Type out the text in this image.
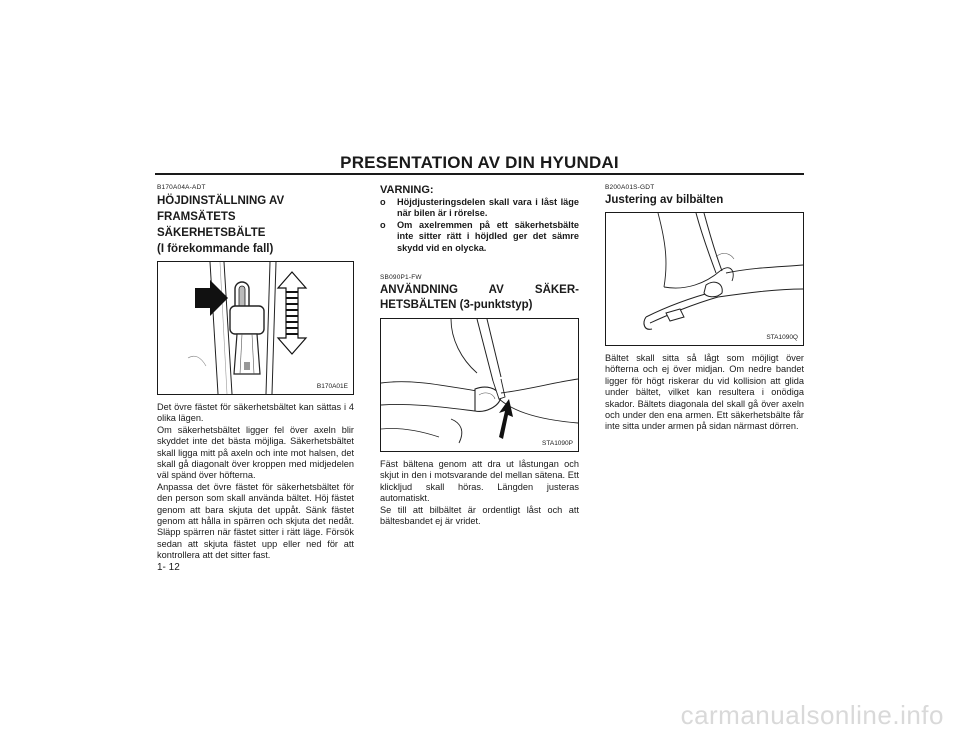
PRESENTATION AV DIN HYUNDAI
B170A04A-ADT
HÖJDINSTÄLLNING AV FRAMSÄTETS
SÄKERHETSBÄLTE
(I förekommande fall)
B170A01E

Det övre fästet för säkerhetsbältet kan sättas i 4 olika lägen.

Om säkerhetsbältet ligger fel över axeln blir skyddet inte det bästa möjliga. Säkerhetsbältet skall ligga mitt på axeln och inte mot halsen, det skall gå diagonalt över kroppen med midjedelen väl spänd över höfterna.

Anpassa det övre fästet för säkerhetsbältet för den person som skall använda bältet. Höj fästet genom att bara skjuta det uppåt. Sänk fästet genom att hålla in spärren och skjuta det nedåt. Släpp spärren när fästet sitter i rätt läge. Försök sedan att skjuta fästet upp eller ned för att kontrollera att det sitter fast.

VARNING:
o Höjdjusteringsdelen skall vara i låst läge när bilen är i rörelse.
o Om axelremmen på ett säkerhetsbälte inte sitter rätt i höjdled ger det sämre skydd vid en olycka.
SB090P1-FW
ANVÄNDNING AV SÄKER-
HETSBÄLTEN (3-punktstyp)
STA1090P

Fäst bältena genom att dra ut låstungan och skjut in den i motsvarande del mellan sätena. Ett klickljud skall höras. Längden justeras automatiskt.

Se till att bilbältet är ordentligt låst och att bältesbandet ej är vridet.

B200A01S-GDT
Justering av bilbälten
STA1090Q

Bältet skall sitta så lågt som möjligt över höfterna och ej över midjan. Om nedre bandet ligger för högt riskerar du vid kollision att glida under bältet, vilket kan resultera i onödiga skador. Bältets diagonala del skall gå över axeln och under den ena armen. Ett säkerhetsbälte får inte sitta under armen på sidan närmast dörren.

1- 12
carmanualsonline.info
